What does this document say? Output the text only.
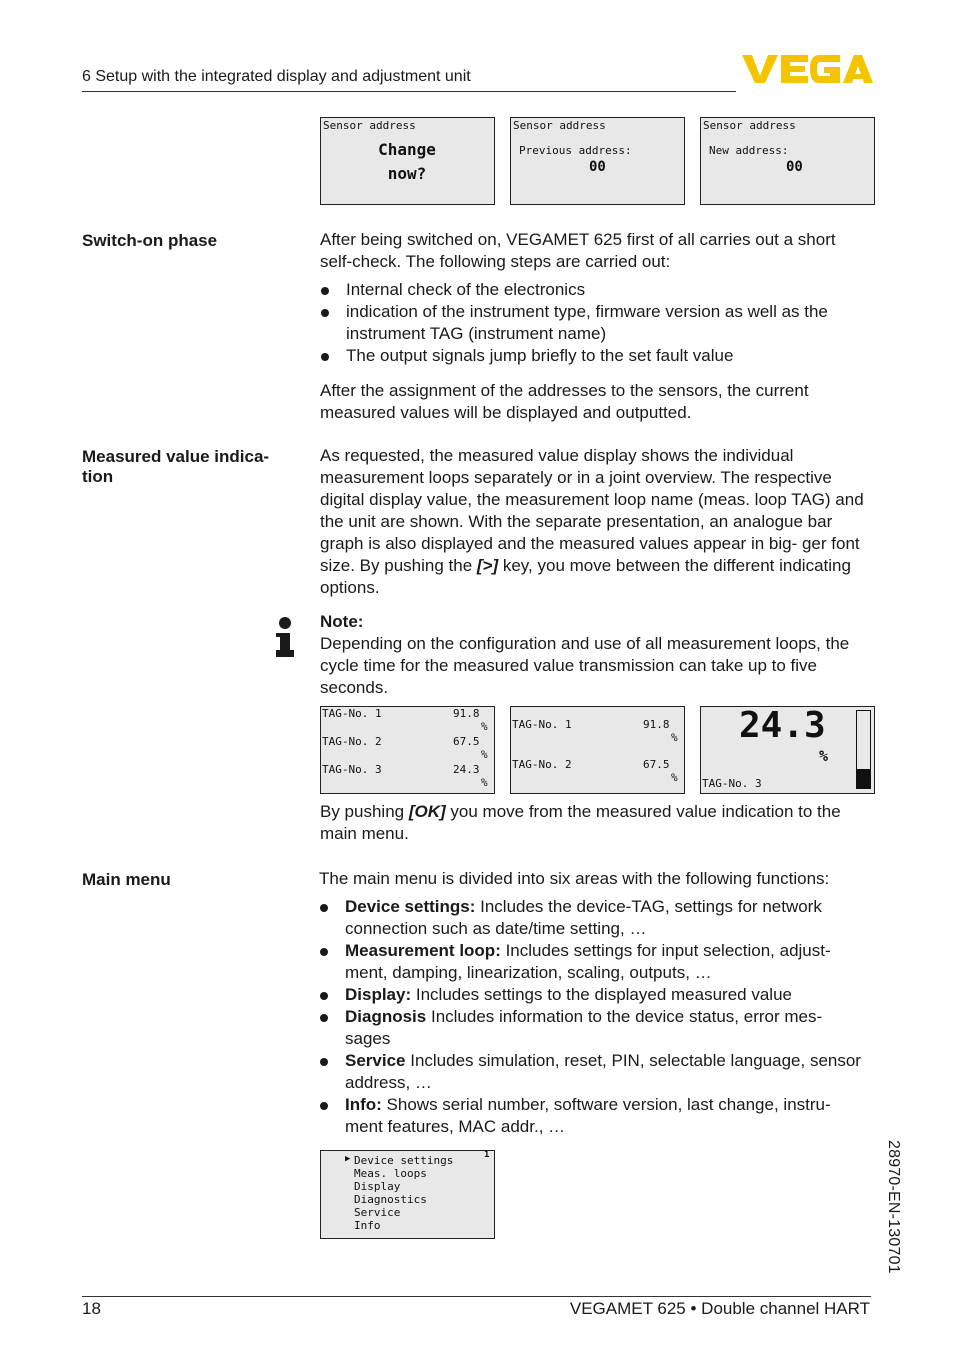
6 Setup with the integrated display and adjustment unit
Sensor address
Change
now?
Sensor address
Previous address:
00
Sensor address
New address:
00
Switch-on phase	After being switched on, VEGAMET 625 first of all carries out a short self-check. The following steps are carried out:

Internal check of the electronics
indication of the instrument type, firmware version as well as the instrument TAG (instrument name)
The output signals jump briefly to the set fault value

After the assignment of the addresses to the sensors, the current measured values will be displayed and outputted.

Measured value indica- tion

As requested, the measured value display shows the individual measurement loops separately or in a joint overview. The respective digital display value, the measurement loop name (meas. loop TAG) and the unit are shown. With the separate presentation, an analogue bar graph is also displayed and the measured values appear in big- ger font size. By pushing the [>] key, you move between the different indicating options.

Note:

Depending on the configuration and use of all measurement loops, the cycle time for the measured value transmission can take up to five seconds.

TAG-No. 1	91.8
%
TAG-No. 2	67.5
%
TAG-No. 3	24.3
%
TAG-No. 1	91.8
%
TAG-No. 2	67.5
%
24.3
%
TAG-No. 3

By pushing [OK] you move from the measured value indication to the main menu.

Main menu	The main menu is divided into six areas with the following functions:

Device settings: Includes the device-TAG, settings for network connection such as date/time setting, …
Measurement loop: Includes settings for input selection, adjust- ment, damping, linearization, scaling, outputs, …
Display: Includes settings to the displayed measured value
Diagnosis Includes information to the device status, error mes- sages
Service Includes simulation, reset, PIN, selectable language, sensor address, …
Info: Shows serial number, software version, last change, instru- ment features, MAC addr., …
1
▶ Device settings
Meas. loops
Display
Diagnostics
Service
Info	28970-EN-130701
18	VEGAMET 625 • Double channel HART
